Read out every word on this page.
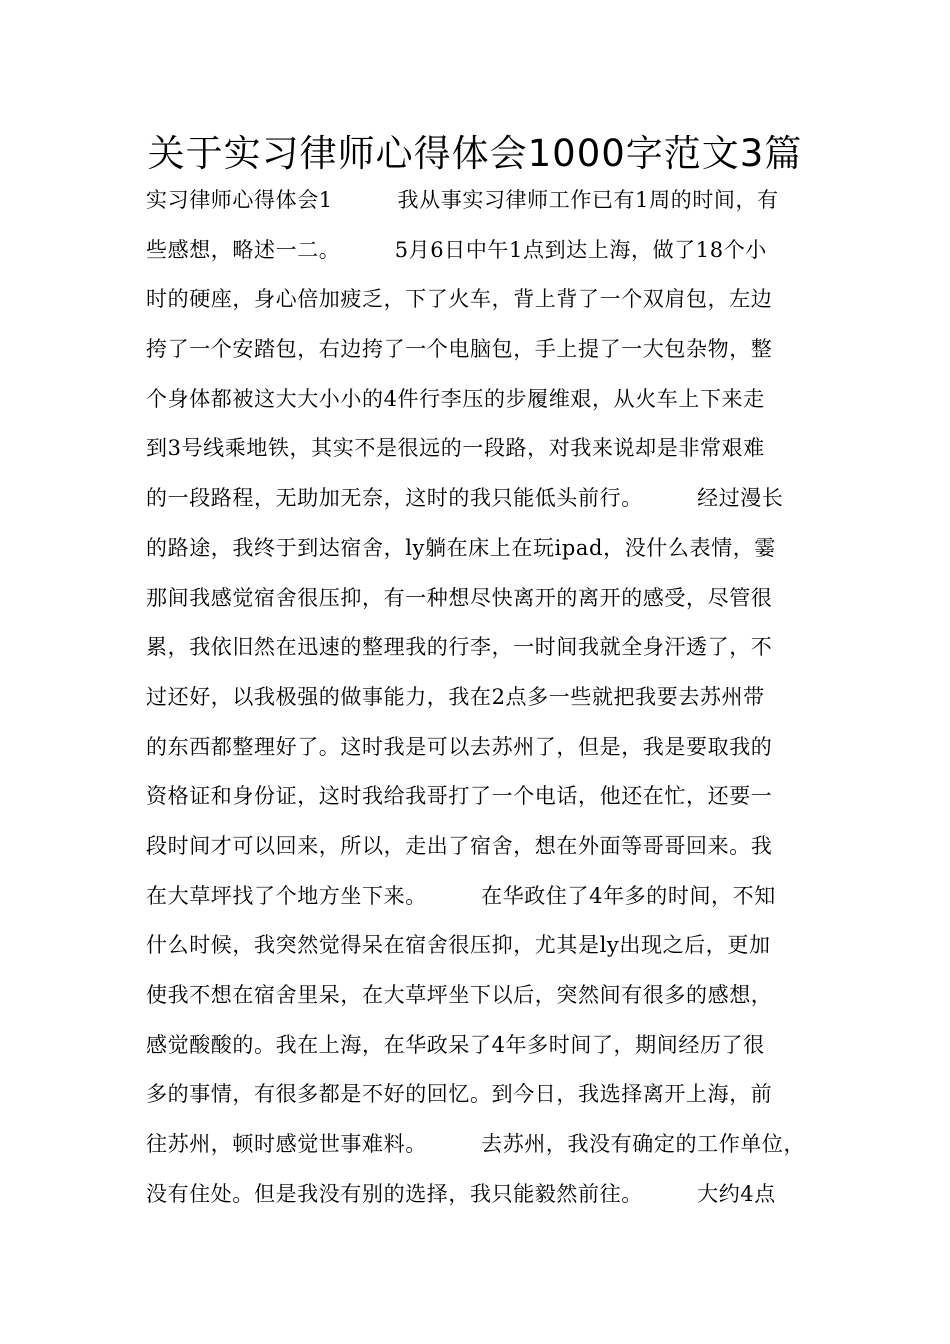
关于实习律师心得体会1000字范文3篇
实习律师心得体会1　　　我从事实习律师工作已有1周的时间，有
些感想，略述一二。　　　5月6日中午1点到达上海，做了18个小
时的硬座，身心倍加疲乏，下了火车，背上背了一个双肩包，左边
挎了一个安踏包，右边挎了一个电脑包，手上提了一大包杂物，整
个身体都被这大大小小的4件行李压的步履维艰，从火车上下来走
到3号线乘地铁，其实不是很远的一段路，对我来说却是非常艰难
的一段路程，无助加无奈，这时的我只能低头前行。　　　经过漫长
的路途，我终于到达宿舍，ly躺在床上在玩ipad，没什么表情，霎
那间我感觉宿舍很压抑，有一种想尽快离开的离开的感受，尽管很
累，我依旧然在迅速的整理我的行李，一时间我就全身汗透了，不
过还好，以我极强的做事能力，我在2点多一些就把我要去苏州带
的东西都整理好了。这时我是可以去苏州了，但是，我是要取我的
资格证和身份证，这时我给我哥打了一个电话，他还在忙，还要一
段时间才可以回来，所以，走出了宿舍，想在外面等哥哥回来。我
在大草坪找了个地方坐下来。　　　在华政住了4年多的时间，不知
什么时候，我突然觉得呆在宿舍很压抑，尤其是ly出现之后，更加
使我不想在宿舍里呆，在大草坪坐下以后，突然间有很多的感想，
感觉酸酸的。我在上海，在华政呆了4年多时间了，期间经历了很
多的事情，有很多都是不好的回忆。到今日，我选择离开上海，前
往苏州，顿时感觉世事难料。　　　去苏州，我没有确定的工作单位，
没有住处。但是我没有别的选择，我只能毅然前往。　　　大约4点
